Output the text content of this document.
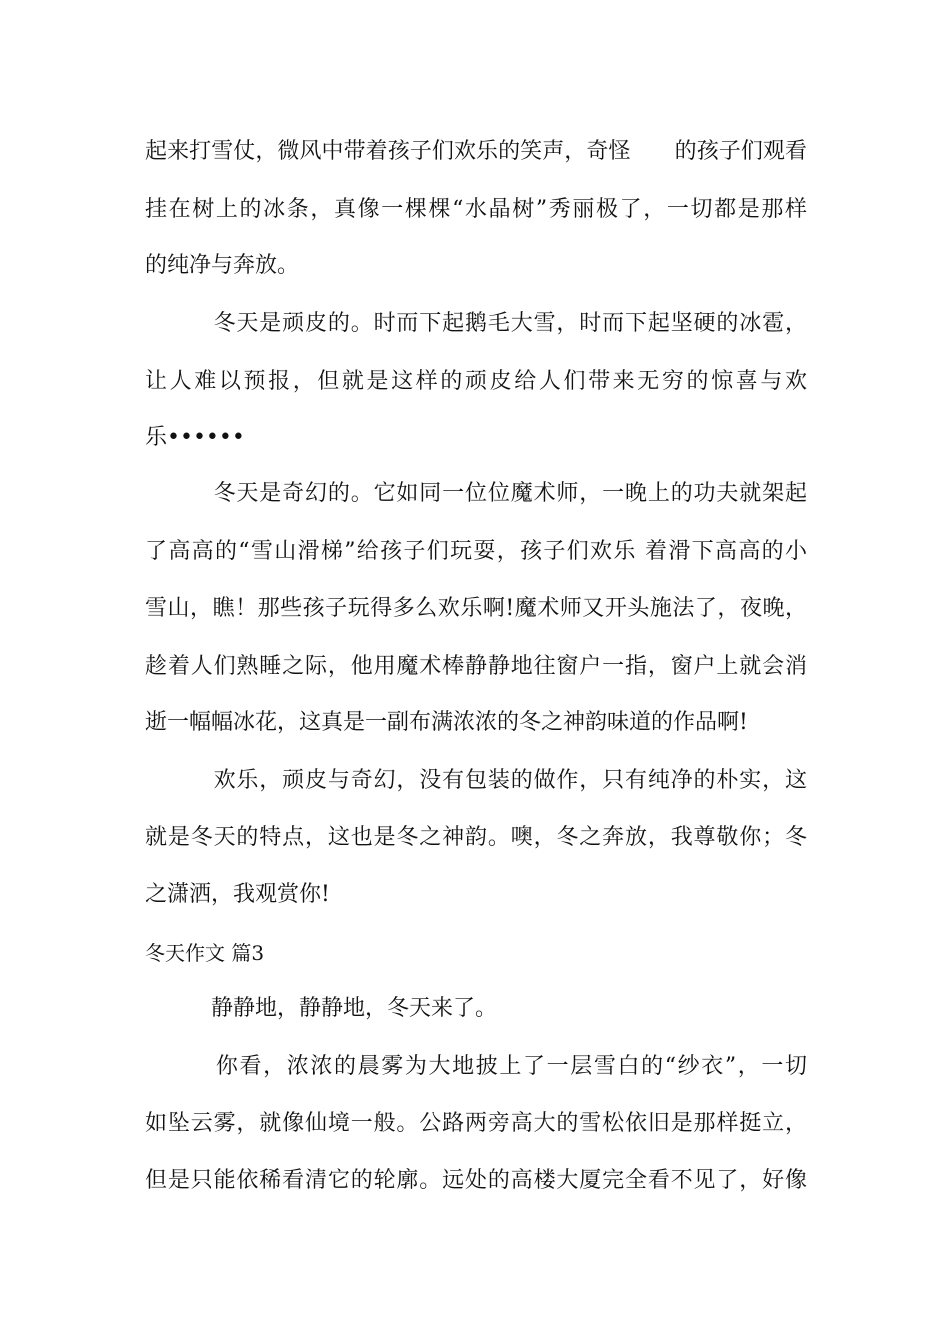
起来打雪仗，微风中带着孩子们欢乐的笑声，奇怪　　的孩子们观看
挂在树上的冰条，真像一棵棵“水晶树”秀丽极了，一切都是那样
的纯净与奔放。
　　　冬天是顽皮的。时而下起鹅毛大雪，时而下起坚硬的冰雹，
让人难以预报，但就是这样的顽皮给人们带来无穷的惊喜与欢
乐••••••
　　　冬天是奇幻的。它如同一位位魔术师，一晚上的功夫就架起
了高高的“雪山滑梯”给孩子们玩耍，孩子们欢乐 着滑下高高的小
雪山，瞧！那些孩子玩得多么欢乐啊!魔术师又开头施法了，夜晚，
趁着人们熟睡之际，他用魔术棒静静地往窗户一指，窗户上就会消
逝一幅幅冰花，这真是一副布满浓浓的冬之神韵味道的作品啊!
　　　欢乐，顽皮与奇幻，没有包装的做作，只有纯净的朴实，这
就是冬天的特点，这也是冬之神韵。噢，冬之奔放，我尊敬你；冬
之潇洒，我观赏你!
冬天作文 篇3
　　　静静地，静静地，冬天来了。
　　　你看，浓浓的晨雾为大地披上了一层雪白的“纱衣”，一切
如坠云雾，就像仙境一般。公路两旁高大的雪松依旧是那样挺立，
但是只能依稀看清它的轮廓。远处的高楼大厦完全看不见了，好像
